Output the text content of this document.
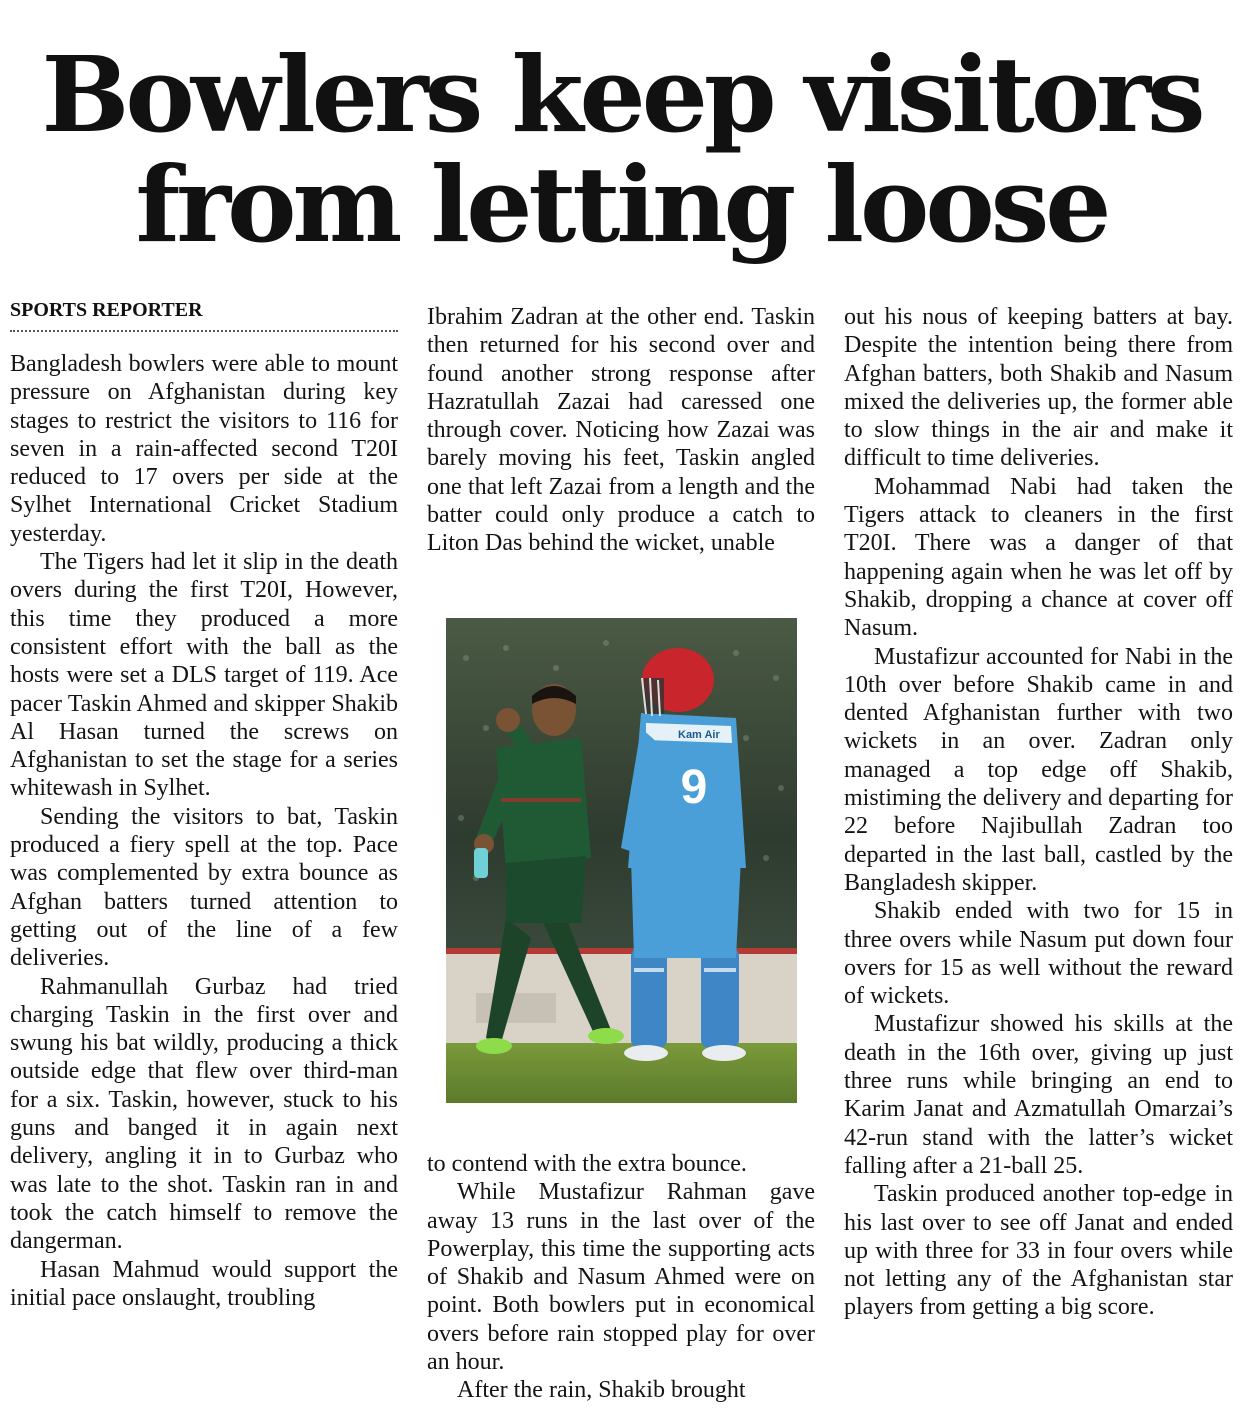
Bowlers keep visitors
from letting loose
SPORTS REPORTER

Bangladesh bowlers were able to mount pressure on Afghanistan during key stages to restrict the visitors to 116 for seven in a rain-affected second T20I reduced to 17 overs per side at the Sylhet International Cricket Stadium yesterday.

The Tigers had let it slip in the death overs during the first T20I, However, this time they produced a more consistent effort with the ball as the hosts were set a DLS target of 119. Ace pacer Taskin Ahmed and skipper Shakib Al Hasan turned the screws on Afghanistan to set the stage for a series whitewash in Sylhet.

Sending the visitors to bat, Taskin produced a fiery spell at the top. Pace was complemented by extra bounce as Afghan batters turned attention to getting out of the line of a few deliveries.

Rahmanullah Gurbaz had tried charging Taskin in the first over and swung his bat wildly, producing a thick outside edge that flew over third-man for a six. Taskin, however, stuck to his guns and banged it in again next delivery, angling it in to Gurbaz who was late to the shot. Taskin ran in and took the catch himself to remove the dangerman.

Hasan Mahmud would support the initial pace onslaught, troubling

Ibrahim Zadran at the other end. Taskin then returned for his second over and found another strong response after Hazratullah Zazai had caressed one through cover. Noticing how Zazai was barely moving his feet, Taskin angled one that left Zazai from a length and the batter could only produce a catch to Liton Das behind the wicket, unable

Kam Air
9

to contend with the extra bounce.

While Mustafizur Rahman gave away 13 runs in the last over of the Powerplay, this time the supporting acts of Shakib and Nasum Ahmed were on point. Both bowlers put in economical overs before rain stopped play for over an hour.

After the rain, Shakib brought

out his nous of keeping batters at bay. Despite the intention being there from Afghan batters, both Shakib and Nasum mixed the deliveries up, the former able to slow things in the air and make it difficult to time deliveries.

Mohammad Nabi had taken the Tigers attack to cleaners in the first T20I. There was a danger of that happening again when he was let off by Shakib, dropping a chance at cover off Nasum.

Mustafizur accounted for Nabi in the 10th over before Shakib came in and dented Afghanistan further with two wickets in an over. Zadran only managed a top edge off Shakib, mistiming the delivery and departing for 22 before Najibullah Zadran too departed in the last ball, castled by the Bangladesh skipper.

Shakib ended with two for 15 in three overs while Nasum put down four overs for 15 as well without the reward of wickets.

Mustafizur showed his skills at the death in the 16th over, giving up just three runs while bringing an end to Karim Janat and Azmatullah Omarzai’s 42-run stand with the latter’s wicket falling after a 21-ball 25.

Taskin produced another top-edge in his last over to see off Janat and ended up with three for 33 in four overs while not letting any of the Afghanistan star players from getting a big score.
